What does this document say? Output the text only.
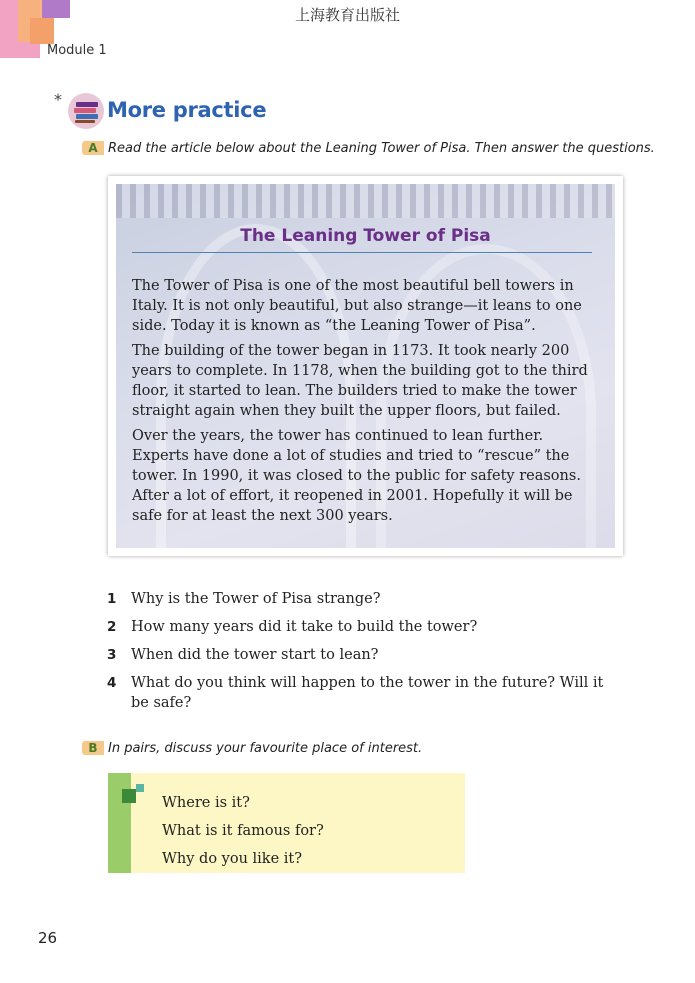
上海教育出版社
Module 1
* More practice
A Read the article below about the Leaning Tower of Pisa. Then answer the questions.
The Leaning Tower of Pisa

The Tower of Pisa is one of the most beautiful bell towers in Italy. It is not only beautiful, but also strange—it leans to one side. Today it is known as “the Leaning Tower of Pisa”.

The building of the tower began in 1173. It took nearly 200 years to complete. In 1178, when the building got to the third floor, it started to lean. The builders tried to make the tower straight again when they built the upper floors, but failed.

Over the years, the tower has continued to lean further. Experts have done a lot of studies and tried to “rescue” the tower. In 1990, it was closed to the public for safety reasons. After a lot of effort, it reopened in 2001. Hopefully it will be safe for at least the next 300 years.

1	Why is the Tower of Pisa strange?
2	How many years did it take to build the tower?
3	When did the tower start to lean?
4	What do you think will happen to the tower in the future? Will it be safe?
B In pairs, discuss your favourite place of interest.
Where is it?
What is it famous for?
Why do you like it?
26
